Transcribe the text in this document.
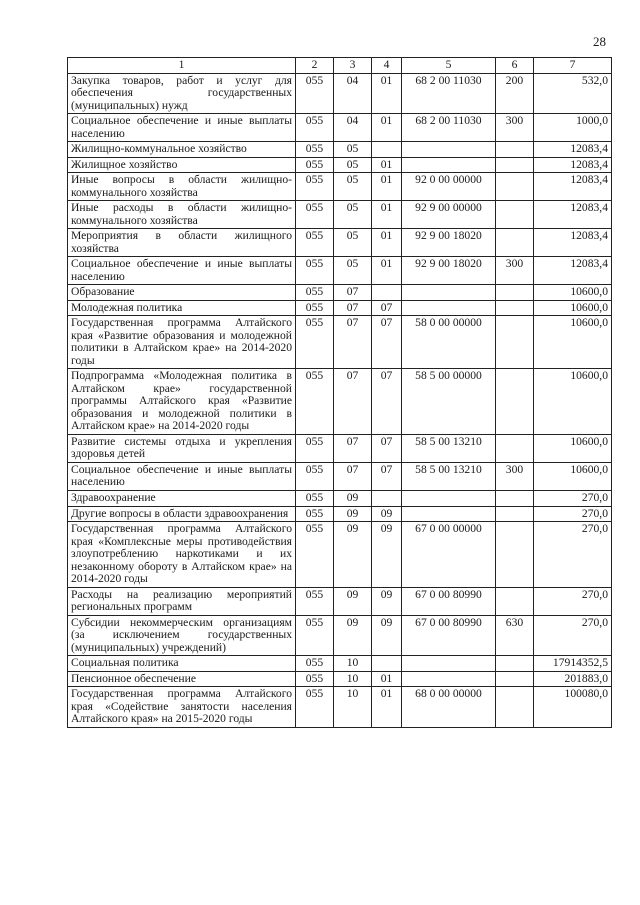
28
1	2	3	4	5	6	7
Закупка товаров, работ и услуг для обеспечения государственных (муниципальных) нужд	055	04	01	68 2 00 11030	200	532,0
Социальное обеспечение и иные выплаты населению	055	04	01	68 2 00 11030	300	1000,0
Жилищно-коммунальное хозяйство	055	05				12083,4
Жилищное хозяйство	055	05	01			12083,4
Иные вопросы в области жилищно-коммунального хозяйства	055	05	01	92 0 00 00000		12083,4
Иные расходы в области жилищно-коммунального хозяйства	055	05	01	92 9 00 00000		12083,4
Мероприятия в области жилищного хозяйства	055	05	01	92 9 00 18020		12083,4
Социальное обеспечение и иные выплаты населению	055	05	01	92 9 00 18020	300	12083,4
Образование	055	07				10600,0
Молодежная политика	055	07	07			10600,0
Государственная программа Алтайского края «Развитие образования и молодежной политики в Алтайском крае» на 2014-2020 годы	055	07	07	58 0 00 00000		10600,0
Подпрограмма «Молодежная политика в Алтайском крае» государственной программы Алтайского края «Развитие образования и молодежной политики в Алтайском крае» на 2014-2020 годы	055	07	07	58 5 00 00000		10600,0
Развитие системы отдыха и укрепления здоровья детей	055	07	07	58 5 00 13210		10600,0
Социальное обеспечение и иные выплаты населению	055	07	07	58 5 00 13210	300	10600,0
Здравоохранение	055	09				270,0
Другие вопросы в области здравоохранения	055	09	09			270,0
Государственная программа Алтайского края «Комплексные меры противодействия злоупотреблению наркотиками и их незаконному обороту в Алтайском крае» на 2014-2020 годы	055	09	09	67 0 00 00000		270,0
Расходы на реализацию мероприятий региональных программ	055	09	09	67 0 00 80990		270,0
Субсидии некоммерческим организациям (за исключением государственных (муниципальных) учреждений)	055	09	09	67 0 00 80990	630	270,0
Социальная политика	055	10				17914352,5
Пенсионное обеспечение	055	10	01			201883,0
Государственная программа Алтайского края «Содействие занятости населения Алтайского края» на 2015-2020 годы	055	10	01	68 0 00 00000		100080,0
